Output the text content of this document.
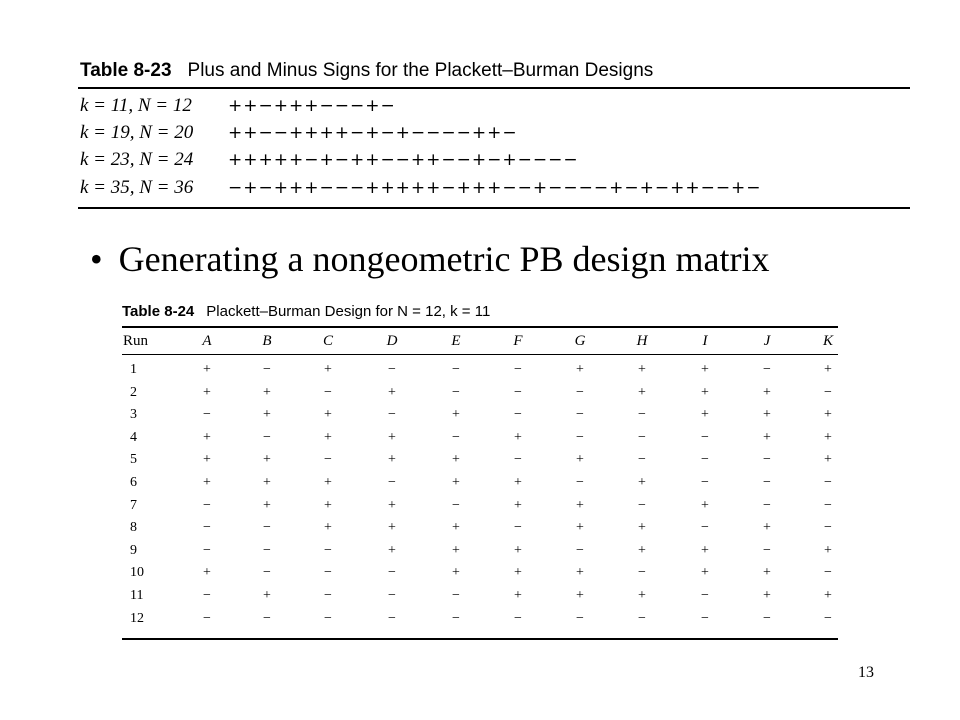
Table 8-23 Plus and Minus Signs for the Plackett–Burman Designs
k = 11, N = 12 ++−+++−−−+−
k = 19, N = 20 ++−−++++−+−+−−−−++−
k = 23, N = 24 +++++−+−++−−++−−+−+−−−−
k = 35, N = 36 −+−+++−−−+++++−+++−−+−−−−+−+−++−−+−
• Generating a nongeometric PB design matrix
Table 8-24 Plackett–Burman Design for N = 12, k = 11
Run	A	B	C	D	E	F	G	H	I	J	K
1	+	−	+	−	−	−	+	+	+	−	+
2	+	+	−	+	−	−	−	+	+	+	−
3	−	+	+	−	+	−	−	−	+	+	+
4	+	−	+	+	−	+	−	−	−	+	+
5	+	+	−	+	+	−	+	−	−	−	+
6	+	+	+	−	+	+	−	+	−	−	−
7	−	+	+	+	−	+	+	−	+	−	−
8	−	−	+	+	+	−	+	+	−	+	−
9	−	−	−	+	+	+	−	+	+	−	+
10	+	−	−	−	+	+	+	−	+	+	−
11	−	+	−	−	−	+	+	+	−	+	+
12	−	−	−	−	−	−	−	−	−	−	−
13
